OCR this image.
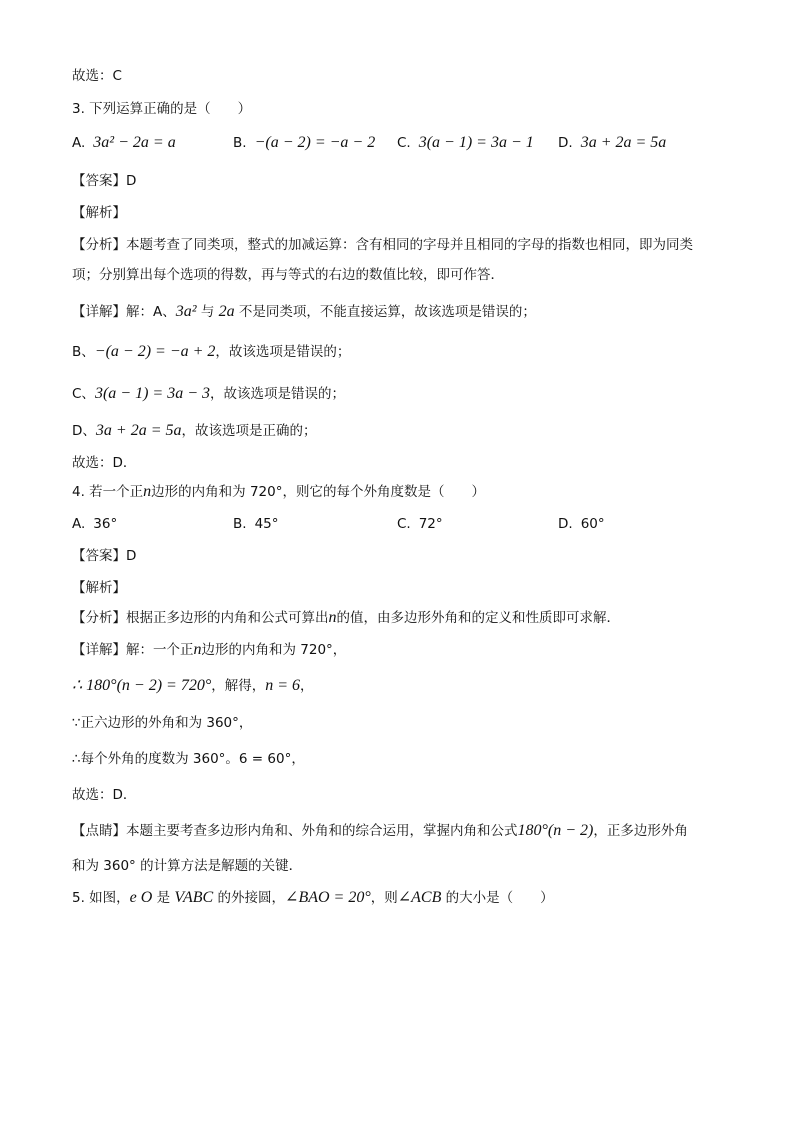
故选：C
3. 下列运算正确的是（　　）
A. 3a² − 2a = a	B. −(a − 2) = −a − 2 C. 3(a − 1) = 3a − 1 D. 3a + 2a = 5a
【答案】D
【解析】
【分析】本题考查了同类项，整式的加减运算：含有相同的字母并且相同的字母的指数也相同，即为同类
项；分别算出每个选项的得数，再与等式的右边的数值比较，即可作答．
【详解】解：A、3a² 与 2a 不是同类项，不能直接运算，故该选项是错误的；
B、−(a − 2) = −a + 2，故该选项是错误的；
C、3(a − 1) = 3a − 3，故该选项是错误的；
D、3a + 2a = 5a，故该选项是正确的；
故选：D．
4. 若一个正n边形的内角和为 720°，则它的每个外角度数是（　　）
A. 36°	B. 45°	C. 72°	D. 60°
【答案】D
【解析】
【分析】根据正多边形的内角和公式可算出n的值，由多边形外角和的定义和性质即可求解．
【详解】解：一个正n边形的内角和为 720°，
∴ 180°(n − 2) = 720°，解得，n = 6，
∵正六边形的外角和为 360°，
∴每个外角的度数为 360°。6 = 60°，
故选：D．
【点睛】本题主要考查多边形内角和、外角和的综合运用，掌握内角和公式180°(n − 2)，正多边形外角
和为 360° 的计算方法是解题的关键．
5. 如图，e O 是 VABC 的外接圆，∠BAO = 20°，则∠ACB 的大小是（　　）
